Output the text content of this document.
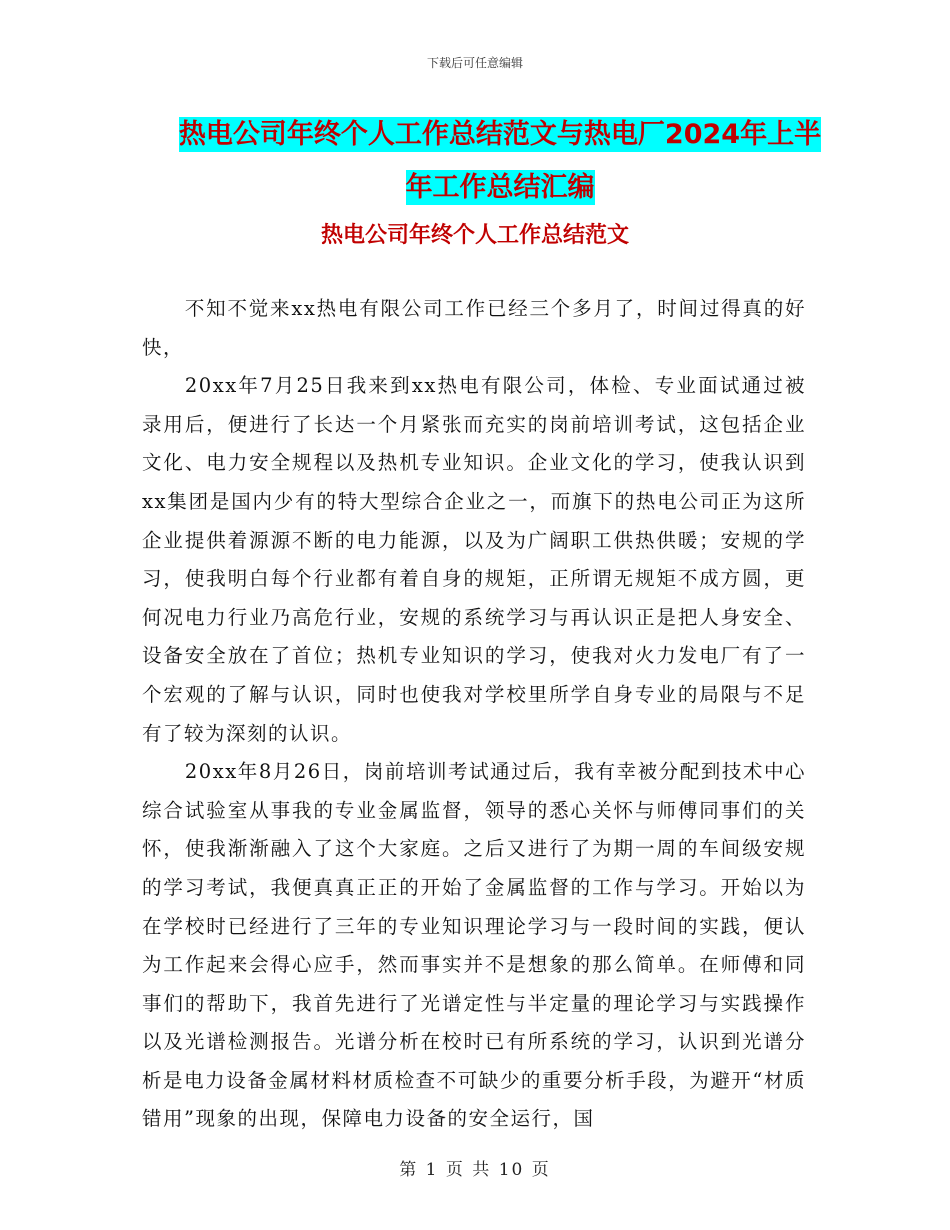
下载后可任意编辑
热电公司年终个人工作总结范文与热电厂2024年上半
年工作总结汇编
热电公司年终个人工作总结范文

不知不觉来xx热电有限公司工作已经三个多月了，时间过得真的好快，

20xx年7月25日我来到xx热电有限公司，体检、专业面试通过被录用后，便进行了长达一个月紧张而充实的岗前培训考试，这包括企业文化、电力安全规程以及热机专业知识。企业文化的学习，使我认识到xx集团是国内少有的特大型综合企业之一，而旗下的热电公司正为这所企业提供着源源不断的电力能源，以及为广阔职工供热供暖；安规的学习，使我明白每个行业都有着自身的规矩，正所谓无规矩不成方圆，更何况电力行业乃高危行业，安规的系统学习与再认识正是把人身安全、设备安全放在了首位；热机专业知识的学习，使我对火力发电厂有了一个宏观的了解与认识，同时也使我对学校里所学自身专业的局限与不足有了较为深刻的认识。

20xx年8月26日，岗前培训考试通过后，我有幸被分配到技术中心综合试验室从事我的专业金属监督，领导的悉心关怀与师傅同事们的关怀，使我渐渐融入了这个大家庭。之后又进行了为期一周的车间级安规的学习考试，我便真真正正的开始了金属监督的工作与学习。开始以为在学校时已经进行了三年的专业知识理论学习与一段时间的实践，便认为工作起来会得心应手，然而事实并不是想象的那么简单。在师傅和同事们的帮助下，我首先进行了光谱定性与半定量的理论学习与实践操作以及光谱检测报告。光谱分析在校时已有所系统的学习，认识到光谱分析是电力设备金属材料材质检查不可缺少的重要分析手段，为避开“材质错用”现象的出现，保障电力设备的安全运行，国

第 1 页 共 10 页
